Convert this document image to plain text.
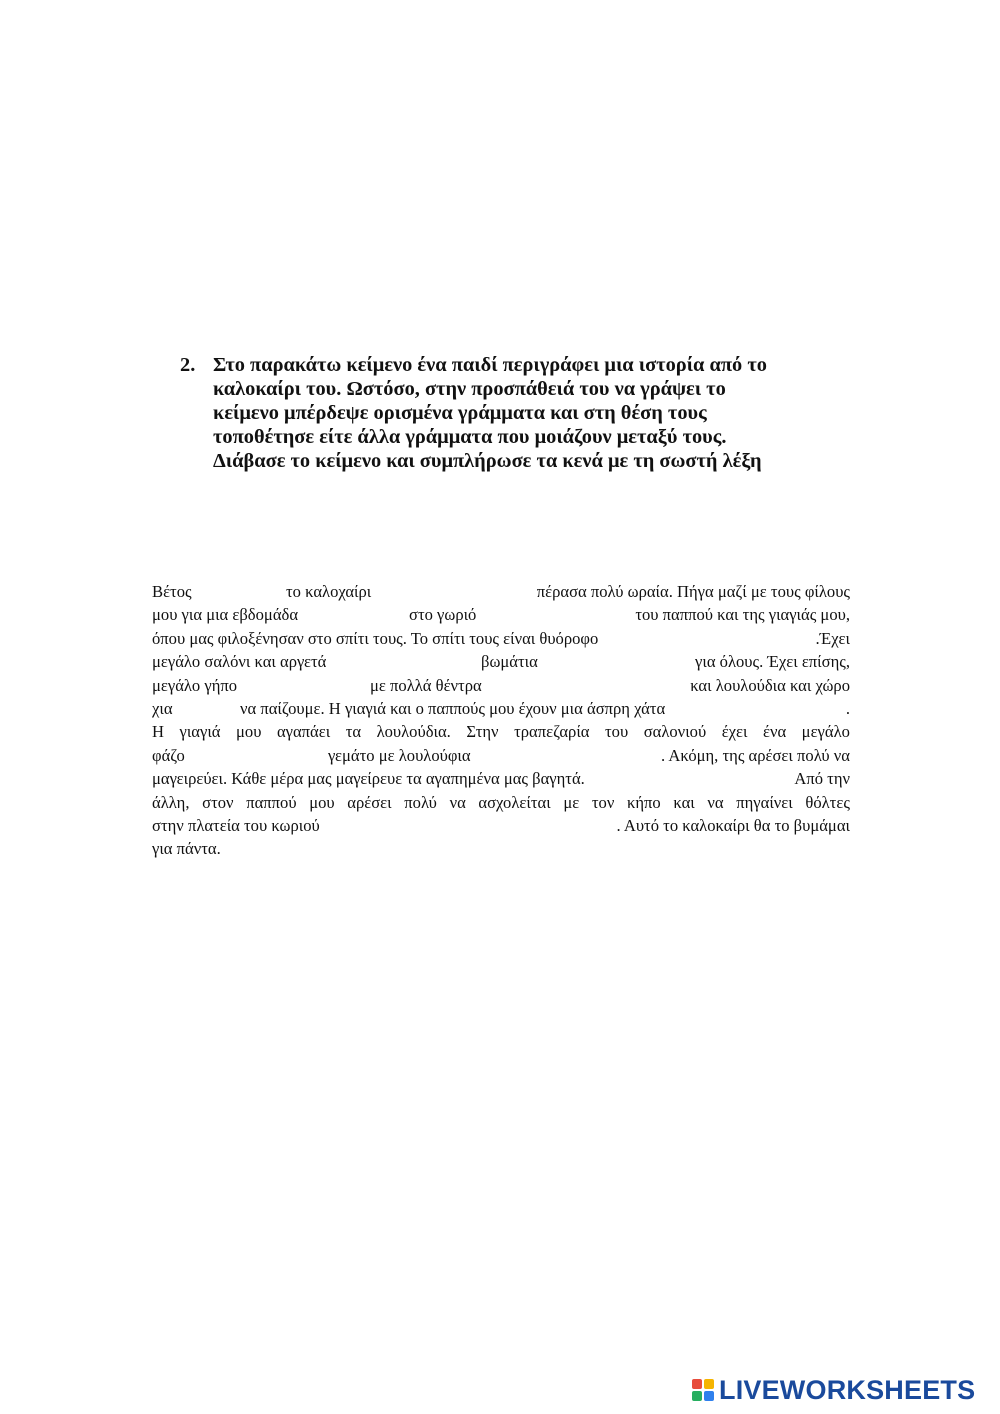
2. Στο παρακάτω κείμενο ένα παιδί περιγράφει μια ιστορία από το
καλοκαίρι του. Ωστόσο, στην προσπάθειά του να γράψει το
κείμενο μπέρδεψε ορισμένα γράμματα και στη θέση τους
τοποθέτησε είτε άλλα γράμματα που μοιάζουν μεταξύ τους.
Διάβασε το κείμενο και συμπλήρωσε τα κενά με τη σωστή λέξη
Βέτος	το καλοχαίρι	πέρασα πολύ ωραία. Πήγα μαζί με τους φίλους
μου για μια εβδομάδα	στο γωριό	του παππού και της γιαγιάς μου,
όπου μας φιλοξένησαν στο σπίτι τους. Το σπίτι τους είναι θυόροφο	.Έχει
μεγάλο σαλόνι και αργετά	βωμάτια	για όλους. Έχει επίσης,
μεγάλο γήπο	με πολλά θέντρα	και λουλούδια και χώρο
χια	να παίζουμε. Η γιαγιά και ο παππούς μου έχουν μια άσπρη χάτα	.
Η γιαγιά μου αγαπάει τα λουλούδια. Στην τραπεζαρία του σαλονιού έχει ένα μεγάλο
φάζο	γεμάτο με λουλούφια	. Ακόμη, της αρέσει πολύ να
μαγειρεύει. Κάθε μέρα μας μαγείρευε τα αγαπημένα μας βαγητά.	Από την
άλλη, στον παππού μου αρέσει πολύ να ασχολείται με τον κήπο και να πηγαίνει θόλτες
στην πλατεία του κωριού	. Αυτό το καλοκαίρι θα το βυμάμαι
για πάντα.
LIVEWORKSHEETS
